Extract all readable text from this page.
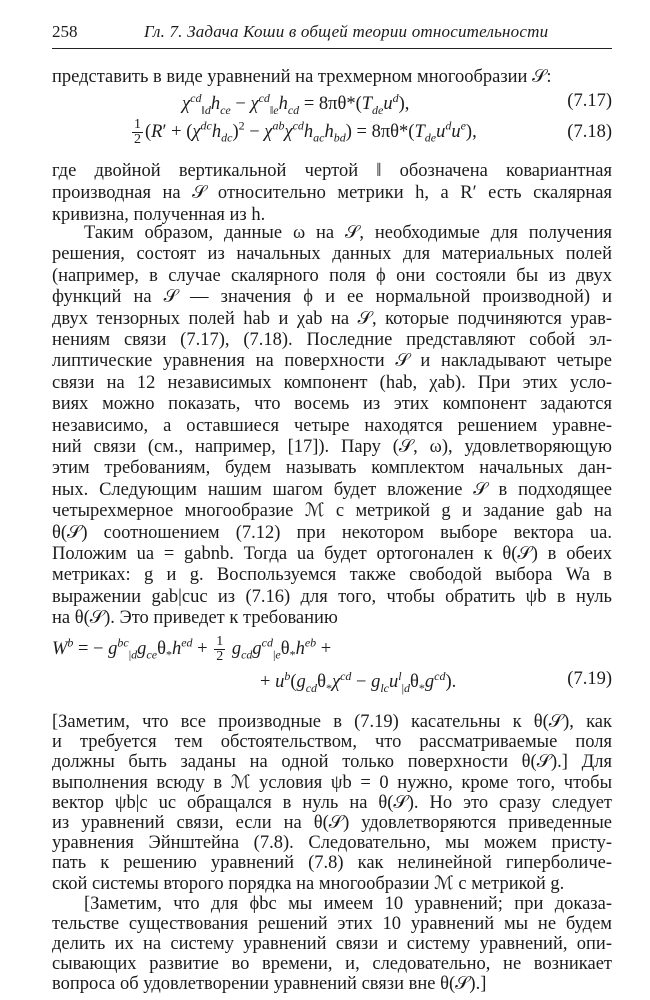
258	Гл. 7. Задача Коши в общей теории относительности
представить в виде уравнений на трехмерном многообразии 𝒮:
$\chi^{cd}_{‖d}h_{ce} - \chi^{cd}_{‖e}h_{cd} = 8\pi\theta*(T_{de}u^d)$,	(7.17)
$\frac{1}{2} (R' + (\chi^{dc}h_{dc})^2 - \chi^{ab}\chi^{cd}h_{ac}h_{bd}) = 8\pi\theta*(T_{de}u^du^e)$,	(7.18)
где двойной вертикальной чертой ‖ обозначена ковариантная
производная на 𝒮 относительно метрики h, а R′ есть скалярная
кривизна, полученная из h.
Таким образом, данные ω на 𝒮, необходимые для получения
решения, состоят из начальных данных для материальных полей
(например, в случае скалярного поля ϕ они состояли бы из двух
функций на 𝒮 — значения ϕ и ее нормальной производной) и
двух тензорных полей hab и χab на 𝒮, которые подчиняются урав-
нениям связи (7.17), (7.18). Последние представляют собой эл-
липтические уравнения на поверхности 𝒮 и накладывают четыре
связи на 12 независимых компонент (hab, χab). При этих усло-
виях можно показать, что восемь из этих компонент задаются
независимо, а оставшиеся четыре находятся решением уравне-
ний связи (см., например, [17]). Пару (𝒮, ω), удовлетворяющую
этим требованиям, будем называть комплектом начальных дан-
ных. Следующим нашим шагом будет вложение 𝒮 в подходящее
четырехмерное многообразие ℳ с метрикой g и задание gab на
θ(𝒮) соотношением (7.12) при некотором выборе вектора ua.
Положим ua = gabnb. Тогда ua будет ортогонален к θ(𝒮) в обеих
метриках: g и g. Воспользуемся также свободой выбора Wa в
выражении gab|cuc из (7.16) для того, чтобы обратить ψb в нуль
на θ(𝒮). Это приведет к требованию
$W^b$ = − $g^{bc}_{|d}g_{ce}\theta_*h^{ed} + \frac{1}{2} g_{cd}g^{cd}_{|e}\theta_*h^{eb}$ +
+ $u^b(g_{cd}\theta_*\chi^{cd} - g_{lc}u^l_{|d}\theta_*g^{cd})$.	(7.19)
[Заметим, что все производные в (7.19) касательны к θ(𝒮), как
и требуется тем обстоятельством, что рассматриваемые поля
должны быть заданы на одной только поверхности θ(𝒮).] Для
выполнения всюду в ℳ условия ψb = 0 нужно, кроме того, чтобы
вектор ψb|c uc обращался в нуль на θ(𝒮). Но это сразу следует
из уравнений связи, если на θ(𝒮) удовлетворяются приведенные
уравнения Эйнштейна (7.8). Следовательно, мы можем присту-
пать к решению уравнений (7.8) как нелинейной гиперболиче-
ской системы второго порядка на многообразии ℳ с метрикой g.
[Заметим, что для ϕbc мы имеем 10 уравнений; при доказа-
тельстве существования решений этих 10 уравнений мы не будем
делить их на систему уравнений связи и систему уравнений, опи-
сывающих развитие во времени, и, следовательно, не возникает
вопроса об удовлетворении уравнений связи вне θ(𝒮).]
